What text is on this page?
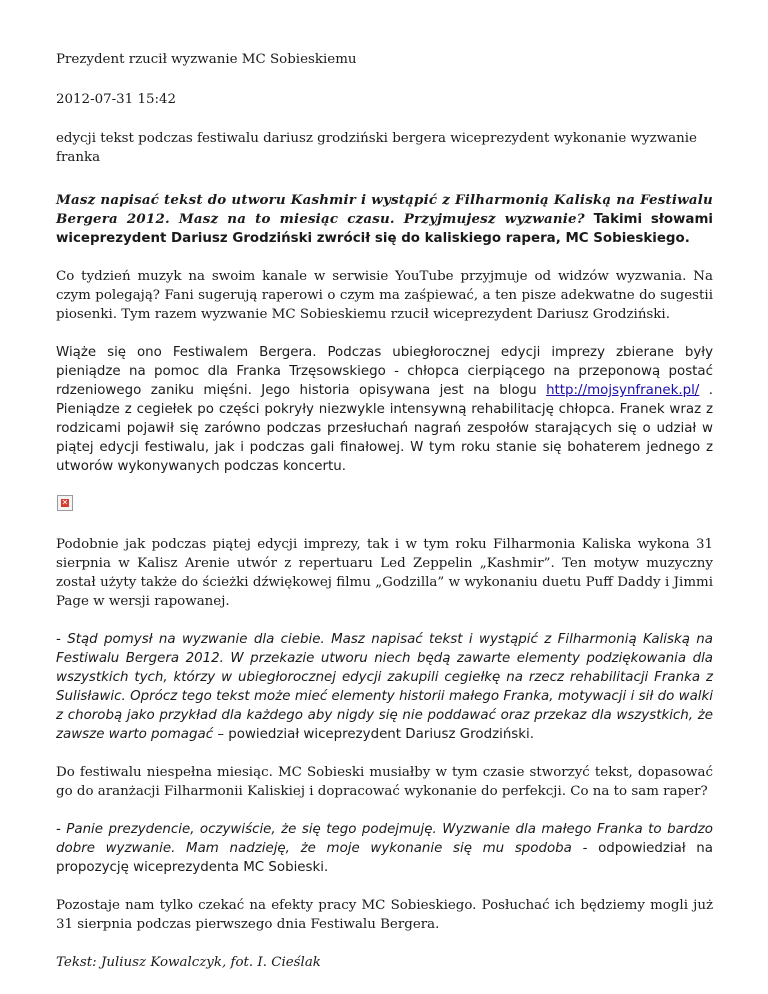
Prezydent rzucił wyzwanie MC Sobieskiemu

2012-07-31 15:42

edycji tekst podczas festiwalu dariusz grodziński bergera wiceprezydent wykonanie wyzwanie franka

Masz napisać tekst do utworu Kashmir i wystąpić z Filharmonią Kaliską na Festiwalu Bergera 2012. Masz na to miesiąc czasu. Przyjmujesz wyzwanie? Takimi słowami wiceprezydent Dariusz Grodziński zwrócił się do kaliskiego rapera, MC Sobieskiego.

Co tydzień muzyk na swoim kanale w serwisie YouTube przyjmuje od widzów wyzwania. Na czym polegają? Fani sugerują raperowi o czym ma zaśpiewać, a ten pisze adekwatne do sugestii piosenki. Tym razem wyzwanie MC Sobieskiemu rzucił wiceprezydent Dariusz Grodziński.

Wiąże się ono Festiwalem Bergera. Podczas ubiegłorocznej edycji imprezy zbierane były pieniądze na pomoc dla Franka Trzęsowskiego - chłopca cierpiącego na przeponową postać rdzeniowego zaniku mięśni. Jego historia opisywana jest na blogu http://mojsynfranek.pl/ . Pieniądze z cegiełek po części pokryły niezwykle intensywną rehabilitację chłopca. Franek wraz z rodzicami pojawił się zarówno podczas przesłuchań nagrań zespołów starających się o udział w piątej edycji festiwalu, jak i podczas gali finałowej. W tym roku stanie się bohaterem jednego z utworów wykonywanych podczas koncertu.

✕

Podobnie jak podczas piątej edycji imprezy, tak i w tym roku Filharmonia Kaliska wykona 31 sierpnia w Kalisz Arenie utwór z repertuaru Led Zeppelin „Kashmir”. Ten motyw muzyczny został użyty także do ścieżki dźwiękowej filmu „Godzilla” w wykonaniu duetu Puff Daddy i Jimmi Page w wersji rapowanej.

- Stąd pomysł na wyzwanie dla ciebie. Masz napisać tekst i wystąpić z Filharmonią Kaliską na Festiwalu Bergera 2012. W przekazie utworu niech będą zawarte elementy podziękowania dla wszystkich tych, którzy w ubiegłorocznej edycji zakupili cegiełkę na rzecz rehabilitacji Franka z Sulisławic. Oprócz tego tekst może mieć elementy historii małego Franka, motywacji i sił do walki z chorobą jako przykład dla każdego aby nigdy się nie poddawać oraz przekaz dla wszystkich, że zawsze warto pomagać – powiedział wiceprezydent Dariusz Grodziński.

Do festiwalu niespełna miesiąc. MC Sobieski musiałby w tym czasie stworzyć tekst, dopasować go do aranżacji Filharmonii Kaliskiej i dopracować wykonanie do perfekcji. Co na to sam raper?

- Panie prezydencie, oczywiście, że się tego podejmuję. Wyzwanie dla małego Franka to bardzo dobre wyzwanie. Mam nadzieję, że moje wykonanie się mu spodoba - odpowiedział na propozycję wiceprezydenta MC Sobieski.

Pozostaje nam tylko czekać na efekty pracy MC Sobieskiego. Posłuchać ich będziemy mogli już 31 sierpnia podczas pierwszego dnia Festiwalu Bergera.

Tekst: Juliusz Kowalczyk, fot. I. Cieślak
